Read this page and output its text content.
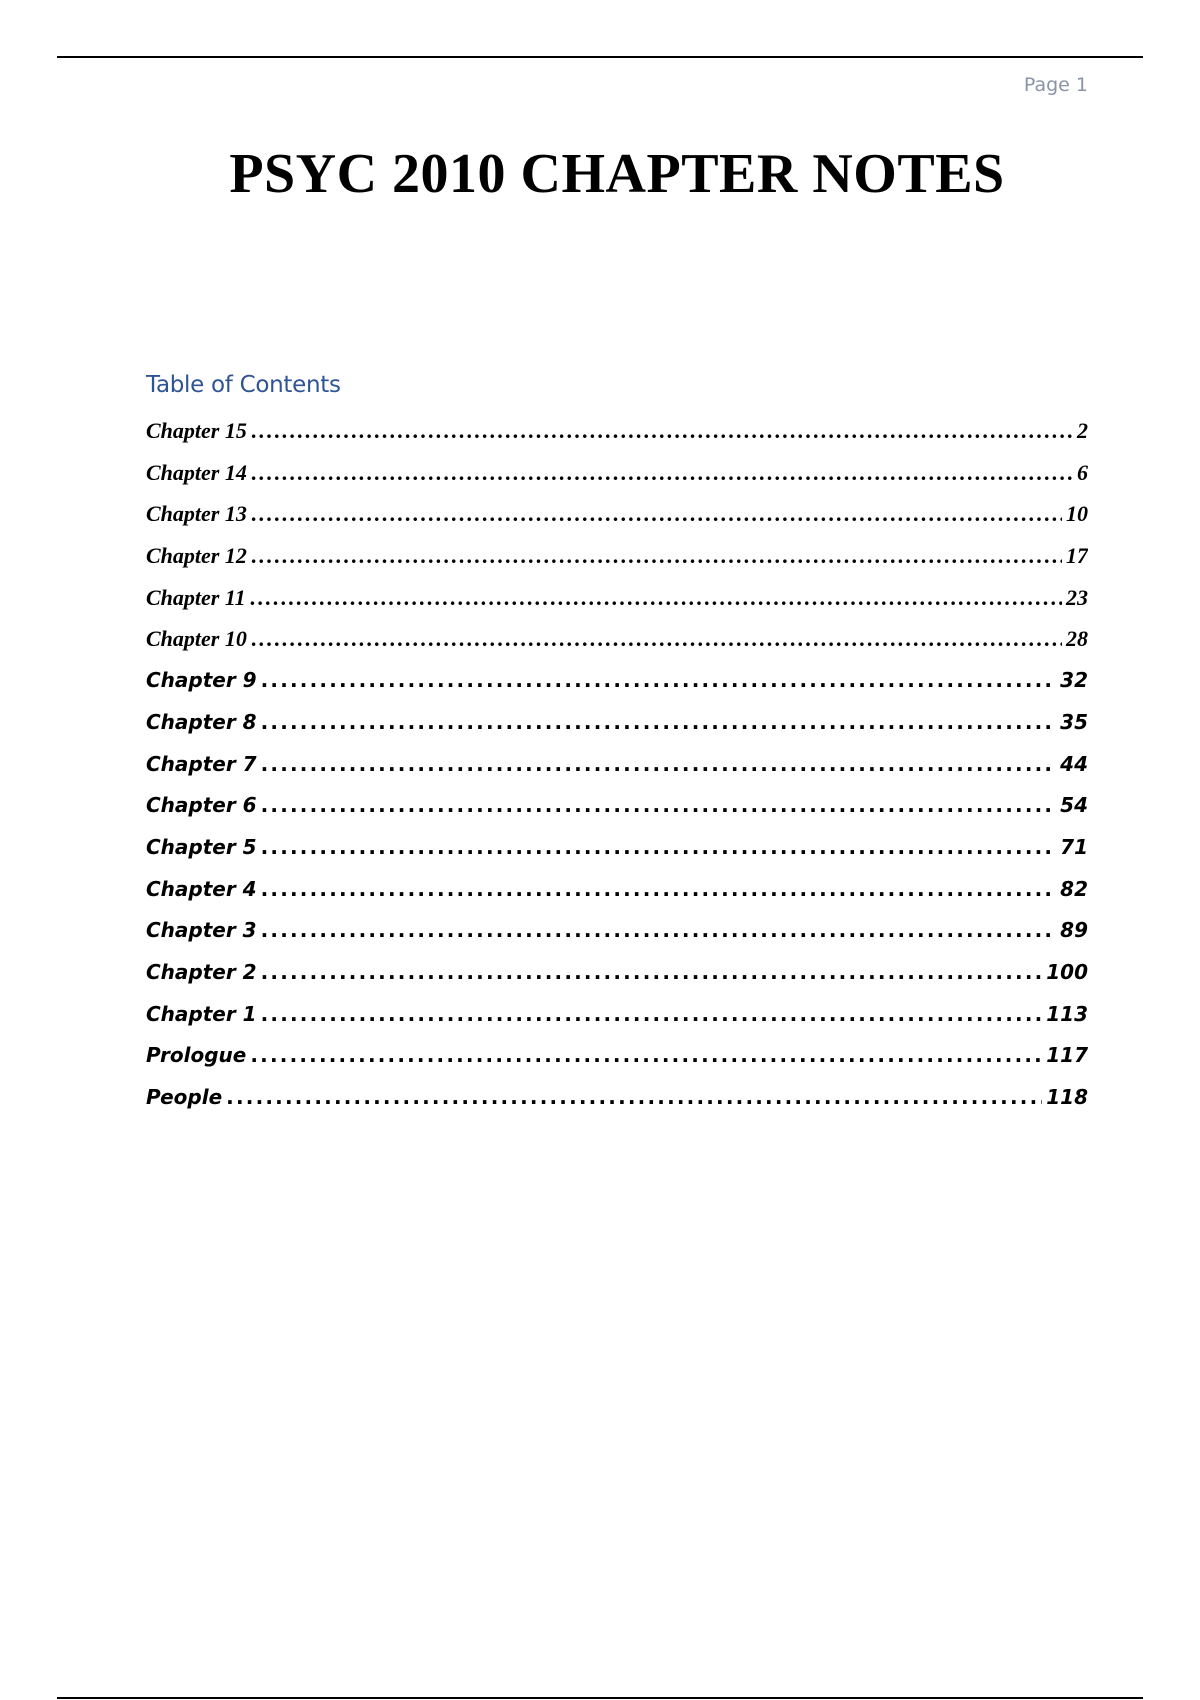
Page 1
PSYC 2010 CHAPTER NOTES
Table of Contents
Chapter 15 .....	2
Chapter 14 .....	6
Chapter 13 .....	10
Chapter 12 .....	17
Chapter 11 .....	23
Chapter 10 .....	28
Chapter 9 .....	32
Chapter 8 .....	35
Chapter 7 .....	44
Chapter 6 .....	54
Chapter 5 .....	71
Chapter 4 .....	82
Chapter 3 .....	89
Chapter 2 .....	100
Chapter 1 .....	113
Prologue .....	117
People .....	118
